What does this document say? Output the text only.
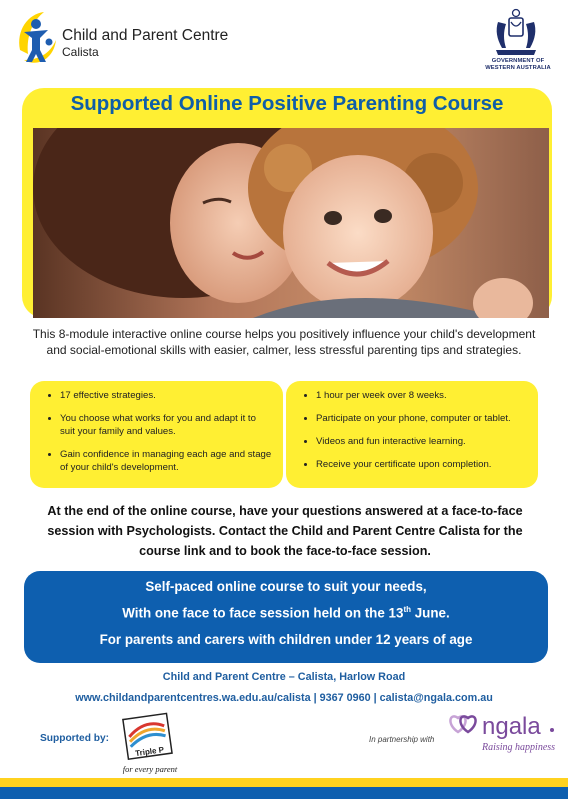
Child and Parent Centre
Calista
GOVERNMENT OF
WESTERN AUSTRALIA
Supported Online Positive Parenting Course
This 8-module interactive online course helps you positively influence your child's development and social-emotional skills with easier, calmer, less stressful parenting tips and strategies.
• 17 effective strategies.
• You choose what works for you and adapt it to suit your family and values.
• Gain confidence in managing each age and stage of your child's development.
• 1 hour per week over 8 weeks.
• Participate on your phone, computer or tablet.
• Videos and fun interactive learning.
• Receive your certificate upon completion.
At the end of the online course, have your questions answered at a face-to-face session with Psychologists. Contact the Child and Parent Centre Calista for the course link and to book the face-to-face session.
Self-paced online course to suit your needs,
With one face to face session held on the 13th June.
For parents and carers with children under 12 years of age
Child and Parent Centre – Calista, Harlow Road
www.childandparentcentres.wa.edu.au/calista | 9367 0960 | calista@ngala.com.au
Supported by:
Triple P
for every parent
In partnership with ngala
Raising happiness
